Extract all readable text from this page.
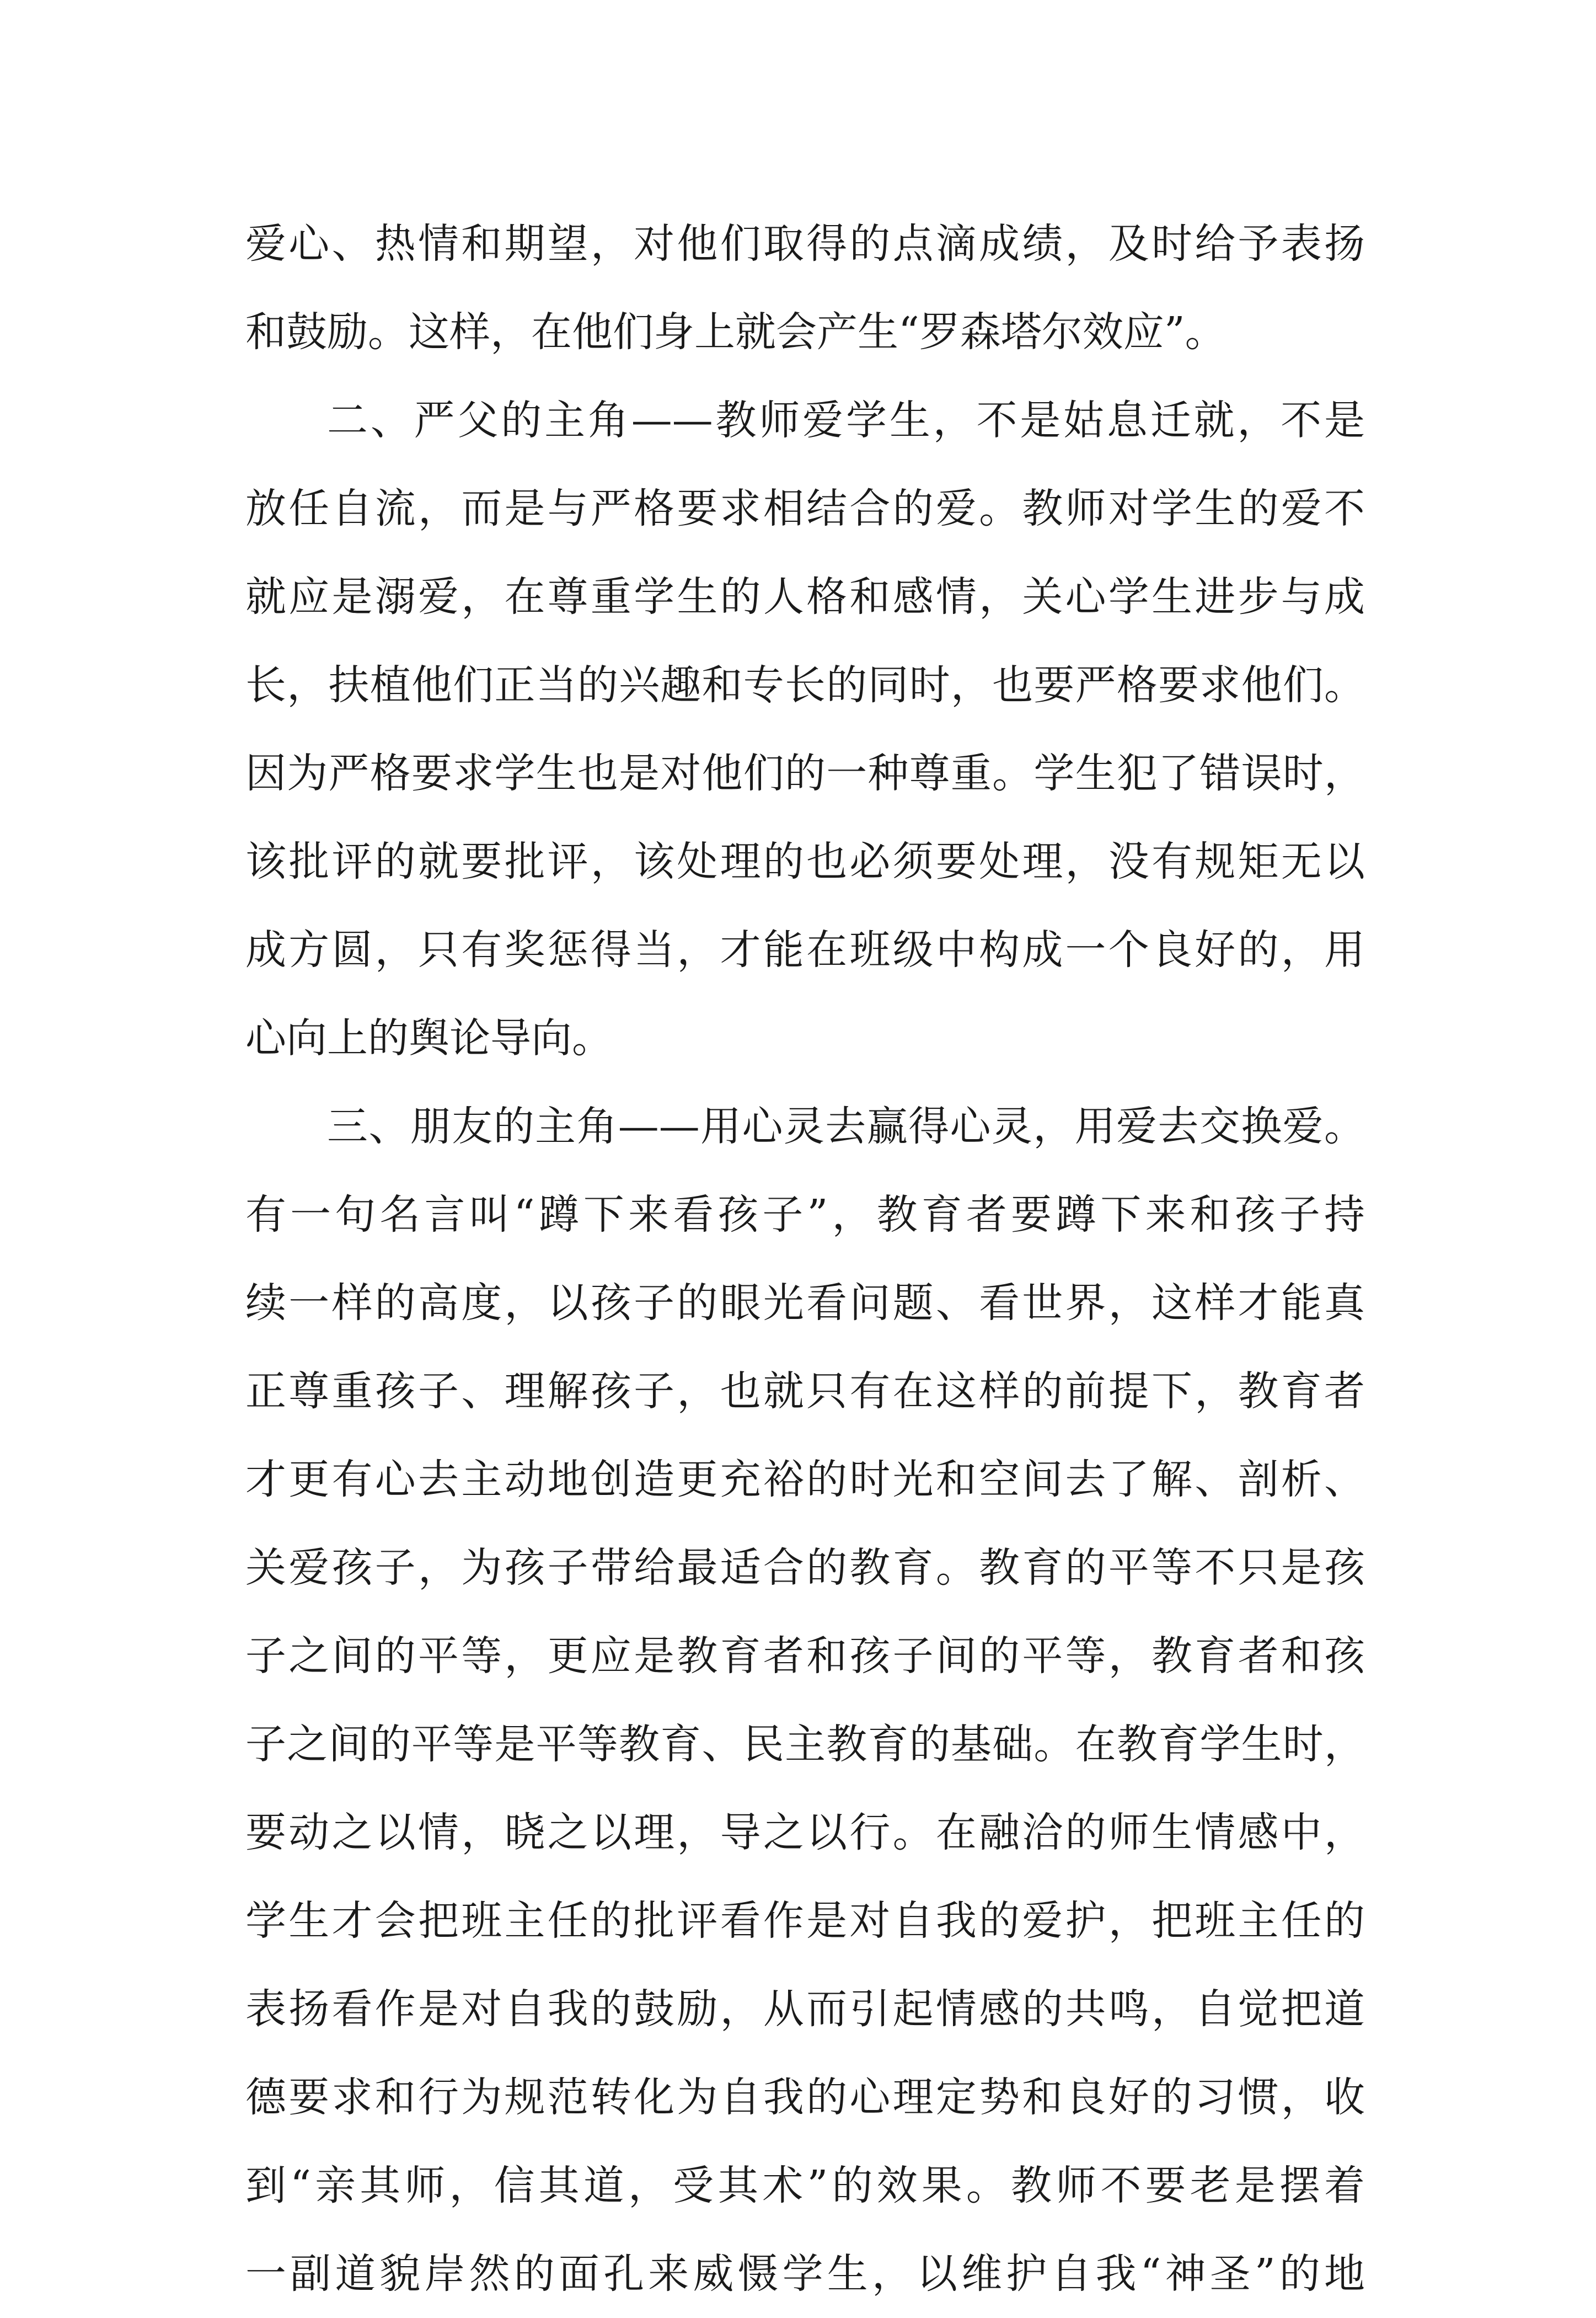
爱心、热情和期望，对他们取得的点滴成绩，及时给予表扬
和鼓励。这样，在他们身上就会产生“罗森塔尔效应”。
二、严父的主角——教师爱学生，不是姑息迁就，不是
放任自流，而是与严格要求相结合的爱。教师对学生的爱不
就应是溺爱，在尊重学生的人格和感情，关心学生进步与成
长，扶植他们正当的兴趣和专长的同时，也要严格要求他们。
因为严格要求学生也是对他们的一种尊重。学生犯了错误时，
该批评的就要批评，该处理的也必须要处理，没有规矩无以
成方圆，只有奖惩得当，才能在班级中构成一个良好的，用
心向上的舆论导向。
三、朋友的主角——用心灵去赢得心灵，用爱去交换爱。
有一句名言叫“蹲下来看孩子”，教育者要蹲下来和孩子持
续一样的高度，以孩子的眼光看问题、看世界，这样才能真
正尊重孩子、理解孩子，也就只有在这样的前提下，教育者
才更有心去主动地创造更充裕的时光和空间去了解、剖析、
关爱孩子，为孩子带给最适合的教育。教育的平等不只是孩
子之间的平等，更应是教育者和孩子间的平等，教育者和孩
子之间的平等是平等教育、民主教育的基础。在教育学生时，
要动之以情，晓之以理，导之以行。在融洽的师生情感中，
学生才会把班主任的批评看作是对自我的爱护，把班主任的
表扬看作是对自我的鼓励，从而引起情感的共鸣，自觉把道
德要求和行为规范转化为自我的心理定势和良好的习惯，收
到“亲其师，信其道，受其术”的效果。教师不要老是摆着
一副道貌岸然的面孔来威慑学生，以维护自我“神圣”的地
